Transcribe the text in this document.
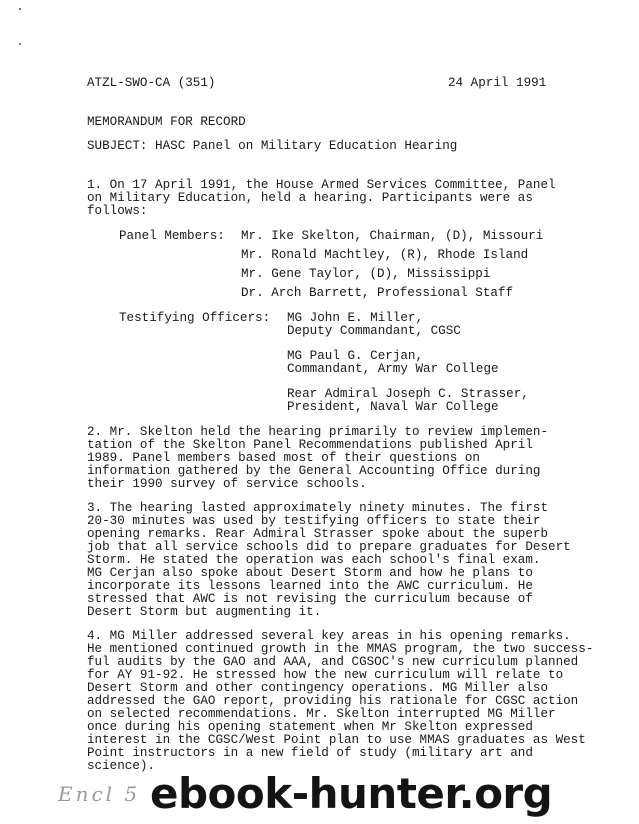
ATZL-SWO-CA (351)	24 April 1991
MEMORANDUM FOR RECORD
SUBJECT: HASC Panel on Military Education Hearing
1. On 17 April 1991, the House Armed Services Committee, Panel
on Military Education, held a hearing. Participants were as
follows:
Panel Members: Mr. Ike Skelton, Chairman, (D), Missouri
Mr. Ronald Machtley, (R), Rhode Island
Mr. Gene Taylor, (D), Mississippi
Dr. Arch Barrett, Professional Staff
Testifying Officers: MG John E. Miller,
Deputy Commandant, CGSC
MG Paul G. Cerjan,
Commandant, Army War College
Rear Admiral Joseph C. Strasser,
President, Naval War College
2. Mr. Skelton held the hearing primarily to review implemen-
tation of the Skelton Panel Recommendations published April
1989. Panel members based most of their questions on
information gathered by the General Accounting Office during
their 1990 survey of service schools.
3. The hearing lasted approximately ninety minutes. The first
20-30 minutes was used by testifying officers to state their
opening remarks. Rear Admiral Strasser spoke about the superb
job that all service schools did to prepare graduates for Desert
Storm. He stated the operation was each school's final exam.
MG Cerjan also spoke about Desert Storm and how he plans to
incorporate its lessons learned into the AWC curriculum. He
stressed that AWC is not revising the curriculum because of
Desert Storm but augmenting it.
4. MG Miller addressed several key areas in his opening remarks.
He mentioned continued growth in the MMAS program, the two success-
ful audits by the GAO and AAA, and CGSOC's new curriculum planned
for AY 91-92. He stressed how the new curriculum will relate to
Desert Storm and other contingency operations. MG Miller also
addressed the GAO report, providing his rationale for CGSC action
on selected recommendations. Mr. Skelton interrupted MG Miller
once during his opening statement when Mr Skelton expressed
interest in the CGSC/West Point plan to use MMAS graduates as West
Point instructors in a new field of study (military art and
science).
Encl 5 ebook-hunter.org
